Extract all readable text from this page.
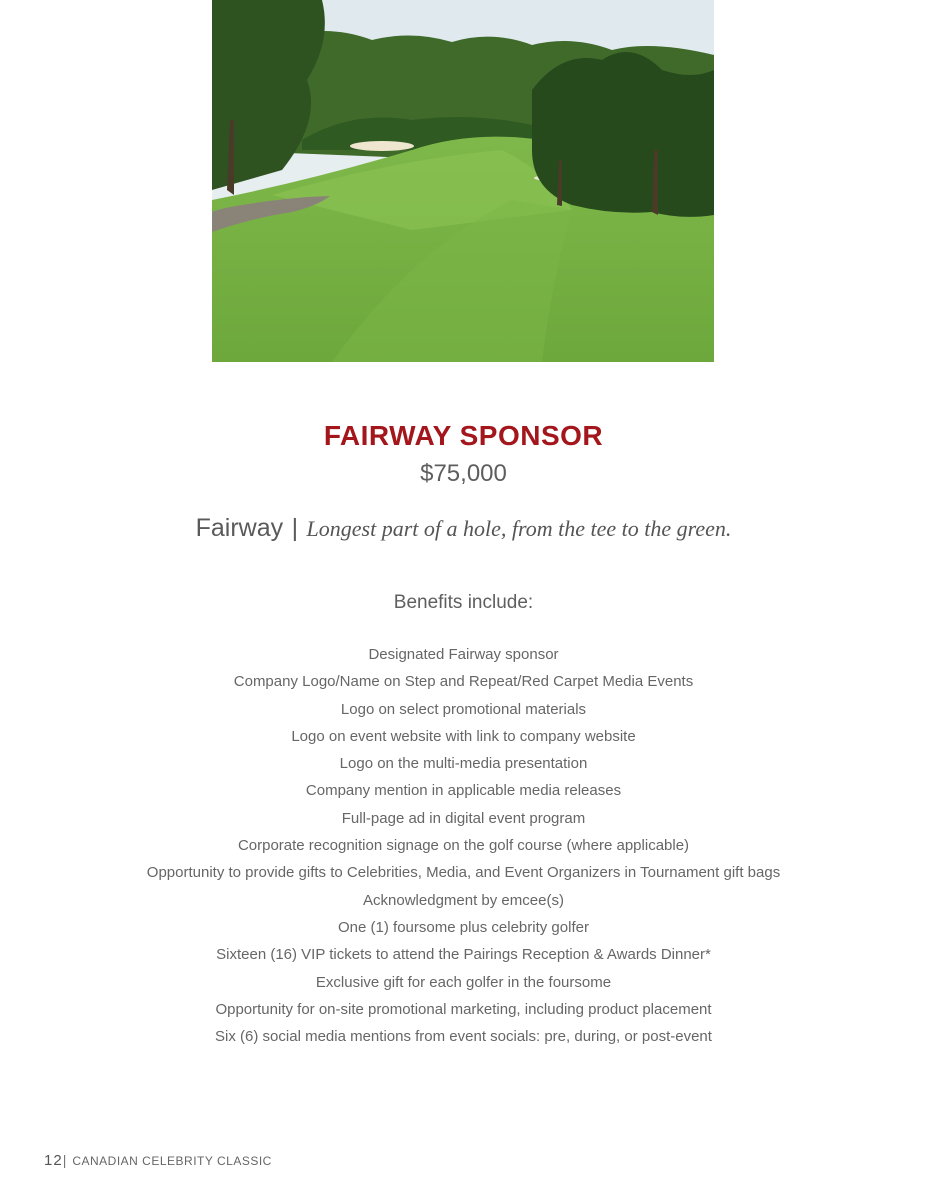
FAIRWAY SPONSOR
$75,000
Fairway | Longest part of a hole, from the tee to the green.
Benefits include:
Designated Fairway sponsor
Company Logo/Name on Step and Repeat/Red Carpet Media Events
Logo on select promotional materials
Logo on event website with link to company website
Logo on the multi-media presentation
Company mention in applicable media releases
Full-page ad in digital event program
Corporate recognition signage on the golf course (where applicable)
Opportunity to provide gifts to Celebrities, Media, and Event Organizers in Tournament gift bags
Acknowledgment by emcee(s)
One (1) foursome plus celebrity golfer
Sixteen (16) VIP tickets to attend the Pairings Reception & Awards Dinner*
Exclusive gift for each golfer in the foursome
Opportunity for on-site promotional marketing, including product placement
Six (6) social media mentions from event socials: pre, during, or post-event
12| CANADIAN CELEBRITY CLASSIC
